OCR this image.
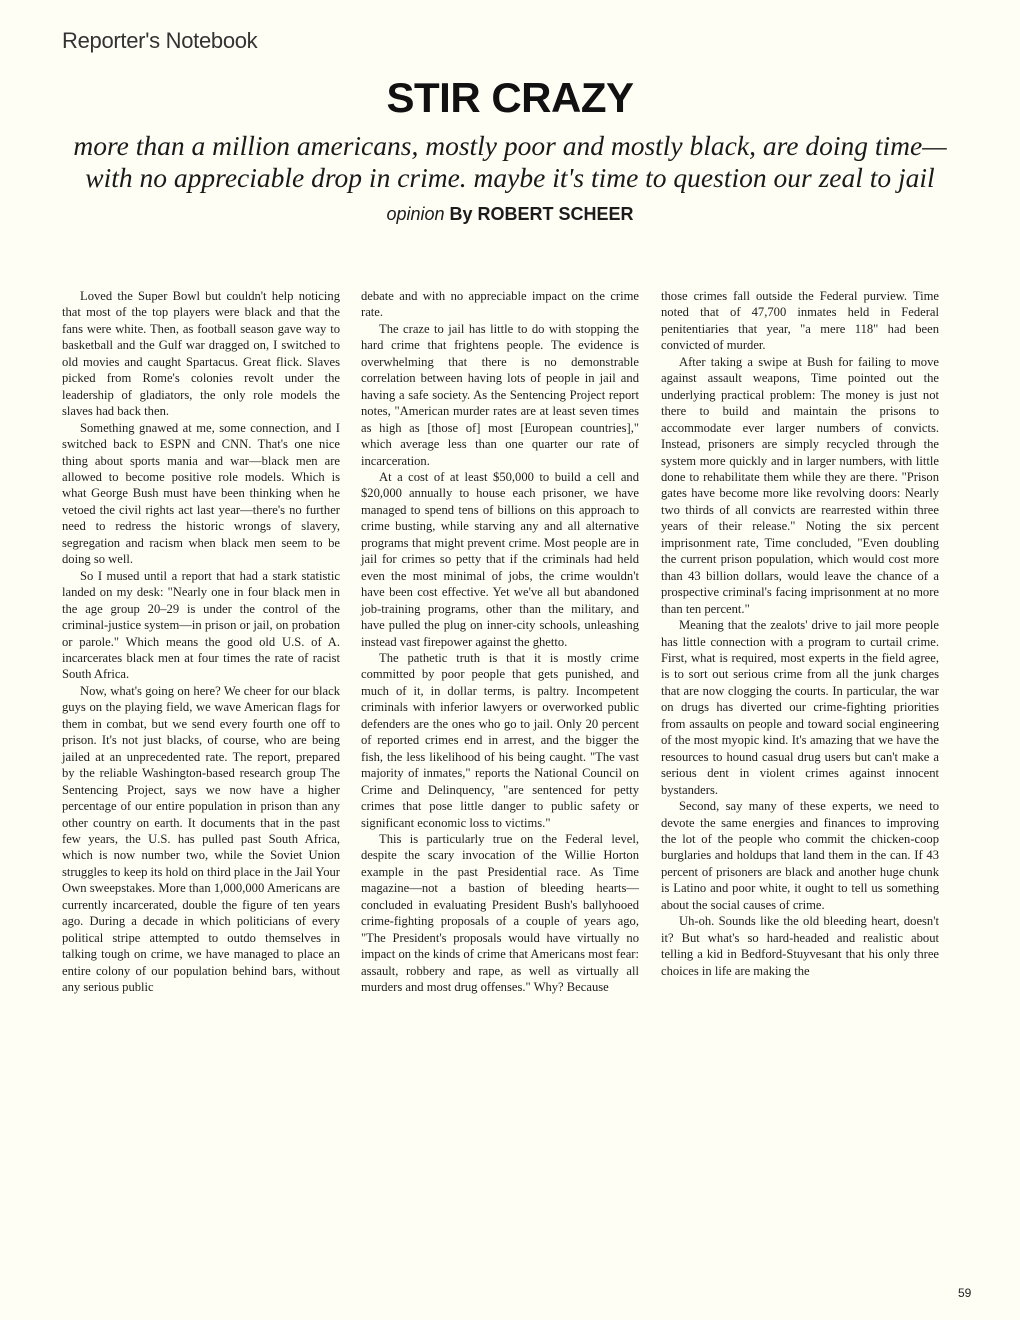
Reporter's Notebook
STIR CRAZY
more than a million americans, mostly poor and mostly black, are doing time—
with no appreciable drop in crime. maybe it's time to question our zeal to jail
opinion By ROBERT SCHEER

Loved the Super Bowl but couldn't help noticing that most of the top players were black and that the fans were white. Then, as football season gave way to basketball and the Gulf war dragged on, I switched to old movies and caught Spartacus. Great flick. Slaves picked from Rome's colonies revolt under the leadership of gladiators, the only role models the slaves had back then.

Something gnawed at me, some connection, and I switched back to ESPN and CNN. That's one nice thing about sports mania and war—black men are allowed to become positive role models. Which is what George Bush must have been thinking when he vetoed the civil rights act last year—there's no further need to redress the historic wrongs of slavery, segregation and racism when black men seem to be doing so well.

So I mused until a report that had a stark statistic landed on my desk: "Nearly one in four black men in the age group 20–29 is under the control of the criminal-justice system—in prison or jail, on probation or parole." Which means the good old U.S. of A. incarcerates black men at four times the rate of racist South Africa.

Now, what's going on here? We cheer for our black guys on the playing field, we wave American flags for them in combat, but we send every fourth one off to prison. It's not just blacks, of course, who are being jailed at an unprecedented rate. The report, prepared by the reliable Washington-based research group The Sentencing Project, says we now have a higher percentage of our entire population in prison than any other country on earth. It documents that in the past few years, the U.S. has pulled past South Africa, which is now number two, while the Soviet Union struggles to keep its hold on third place in the Jail Your Own sweepstakes. More than 1,000,000 Americans are currently incarcerated, double the figure of ten years ago. During a decade in which politicians of every political stripe attempted to outdo themselves in talking tough on crime, we have managed to place an entire colony of our population behind bars, without any serious public

debate and with no appreciable impact on the crime rate.

The craze to jail has little to do with stopping the hard crime that frightens people. The evidence is overwhelming that there is no demonstrable correlation between having lots of people in jail and having a safe society. As the Sentencing Project report notes, "American murder rates are at least seven times as high as [those of] most [European countries]," which average less than one quarter our rate of incarceration.

At a cost of at least $50,000 to build a cell and $20,000 annually to house each prisoner, we have managed to spend tens of billions on this approach to crime busting, while starving any and all alternative programs that might prevent crime. Most people are in jail for crimes so petty that if the criminals had held even the most minimal of jobs, the crime wouldn't have been cost effective. Yet we've all but abandoned job-training programs, other than the military, and have pulled the plug on inner-city schools, unleashing instead vast firepower against the ghetto.

The pathetic truth is that it is mostly crime committed by poor people that gets punished, and much of it, in dollar terms, is paltry. Incompetent criminals with inferior lawyers or overworked public defenders are the ones who go to jail. Only 20 percent of reported crimes end in arrest, and the bigger the fish, the less likelihood of his being caught. "The vast majority of inmates," reports the National Council on Crime and Delinquency, "are sentenced for petty crimes that pose little danger to public safety or significant economic loss to victims."

This is particularly true on the Federal level, despite the scary invocation of the Willie Horton example in the past Presidential race. As Time magazine—not a bastion of bleeding hearts—concluded in evaluating President Bush's ballyhooed crime-fighting proposals of a couple of years ago, "The President's proposals would have virtually no impact on the kinds of crime that Americans most fear: assault, robbery and rape, as well as virtually all murders and most drug offenses." Why? Because

those crimes fall outside the Federal purview. Time noted that of 47,700 inmates held in Federal penitentiaries that year, "a mere 118" had been convicted of murder.

After taking a swipe at Bush for failing to move against assault weapons, Time pointed out the underlying practical problem: The money is just not there to build and maintain the prisons to accommodate ever larger numbers of convicts. Instead, prisoners are simply recycled through the system more quickly and in larger numbers, with little done to rehabilitate them while they are there. "Prison gates have become more like revolving doors: Nearly two thirds of all convicts are rearrested within three years of their release." Noting the six percent imprisonment rate, Time concluded, "Even doubling the current prison population, which would cost more than 43 billion dollars, would leave the chance of a prospective criminal's facing imprisonment at no more than ten percent."

Meaning that the zealots' drive to jail more people has little connection with a program to curtail crime. First, what is required, most experts in the field agree, is to sort out serious crime from all the junk charges that are now clogging the courts. In particular, the war on drugs has diverted our crime-fighting priorities from assaults on people and toward social engineering of the most myopic kind. It's amazing that we have the resources to hound casual drug users but can't make a serious dent in violent crimes against innocent bystanders.

Second, say many of these experts, we need to devote the same energies and finances to improving the lot of the people who commit the chicken-coop burglaries and holdups that land them in the can. If 43 percent of prisoners are black and another huge chunk is Latino and poor white, it ought to tell us something about the social causes of crime.

Uh-oh. Sounds like the old bleeding heart, doesn't it? But what's so hard-headed and realistic about telling a kid in Bedford-Stuyvesant that his only three choices in life are making the

59
